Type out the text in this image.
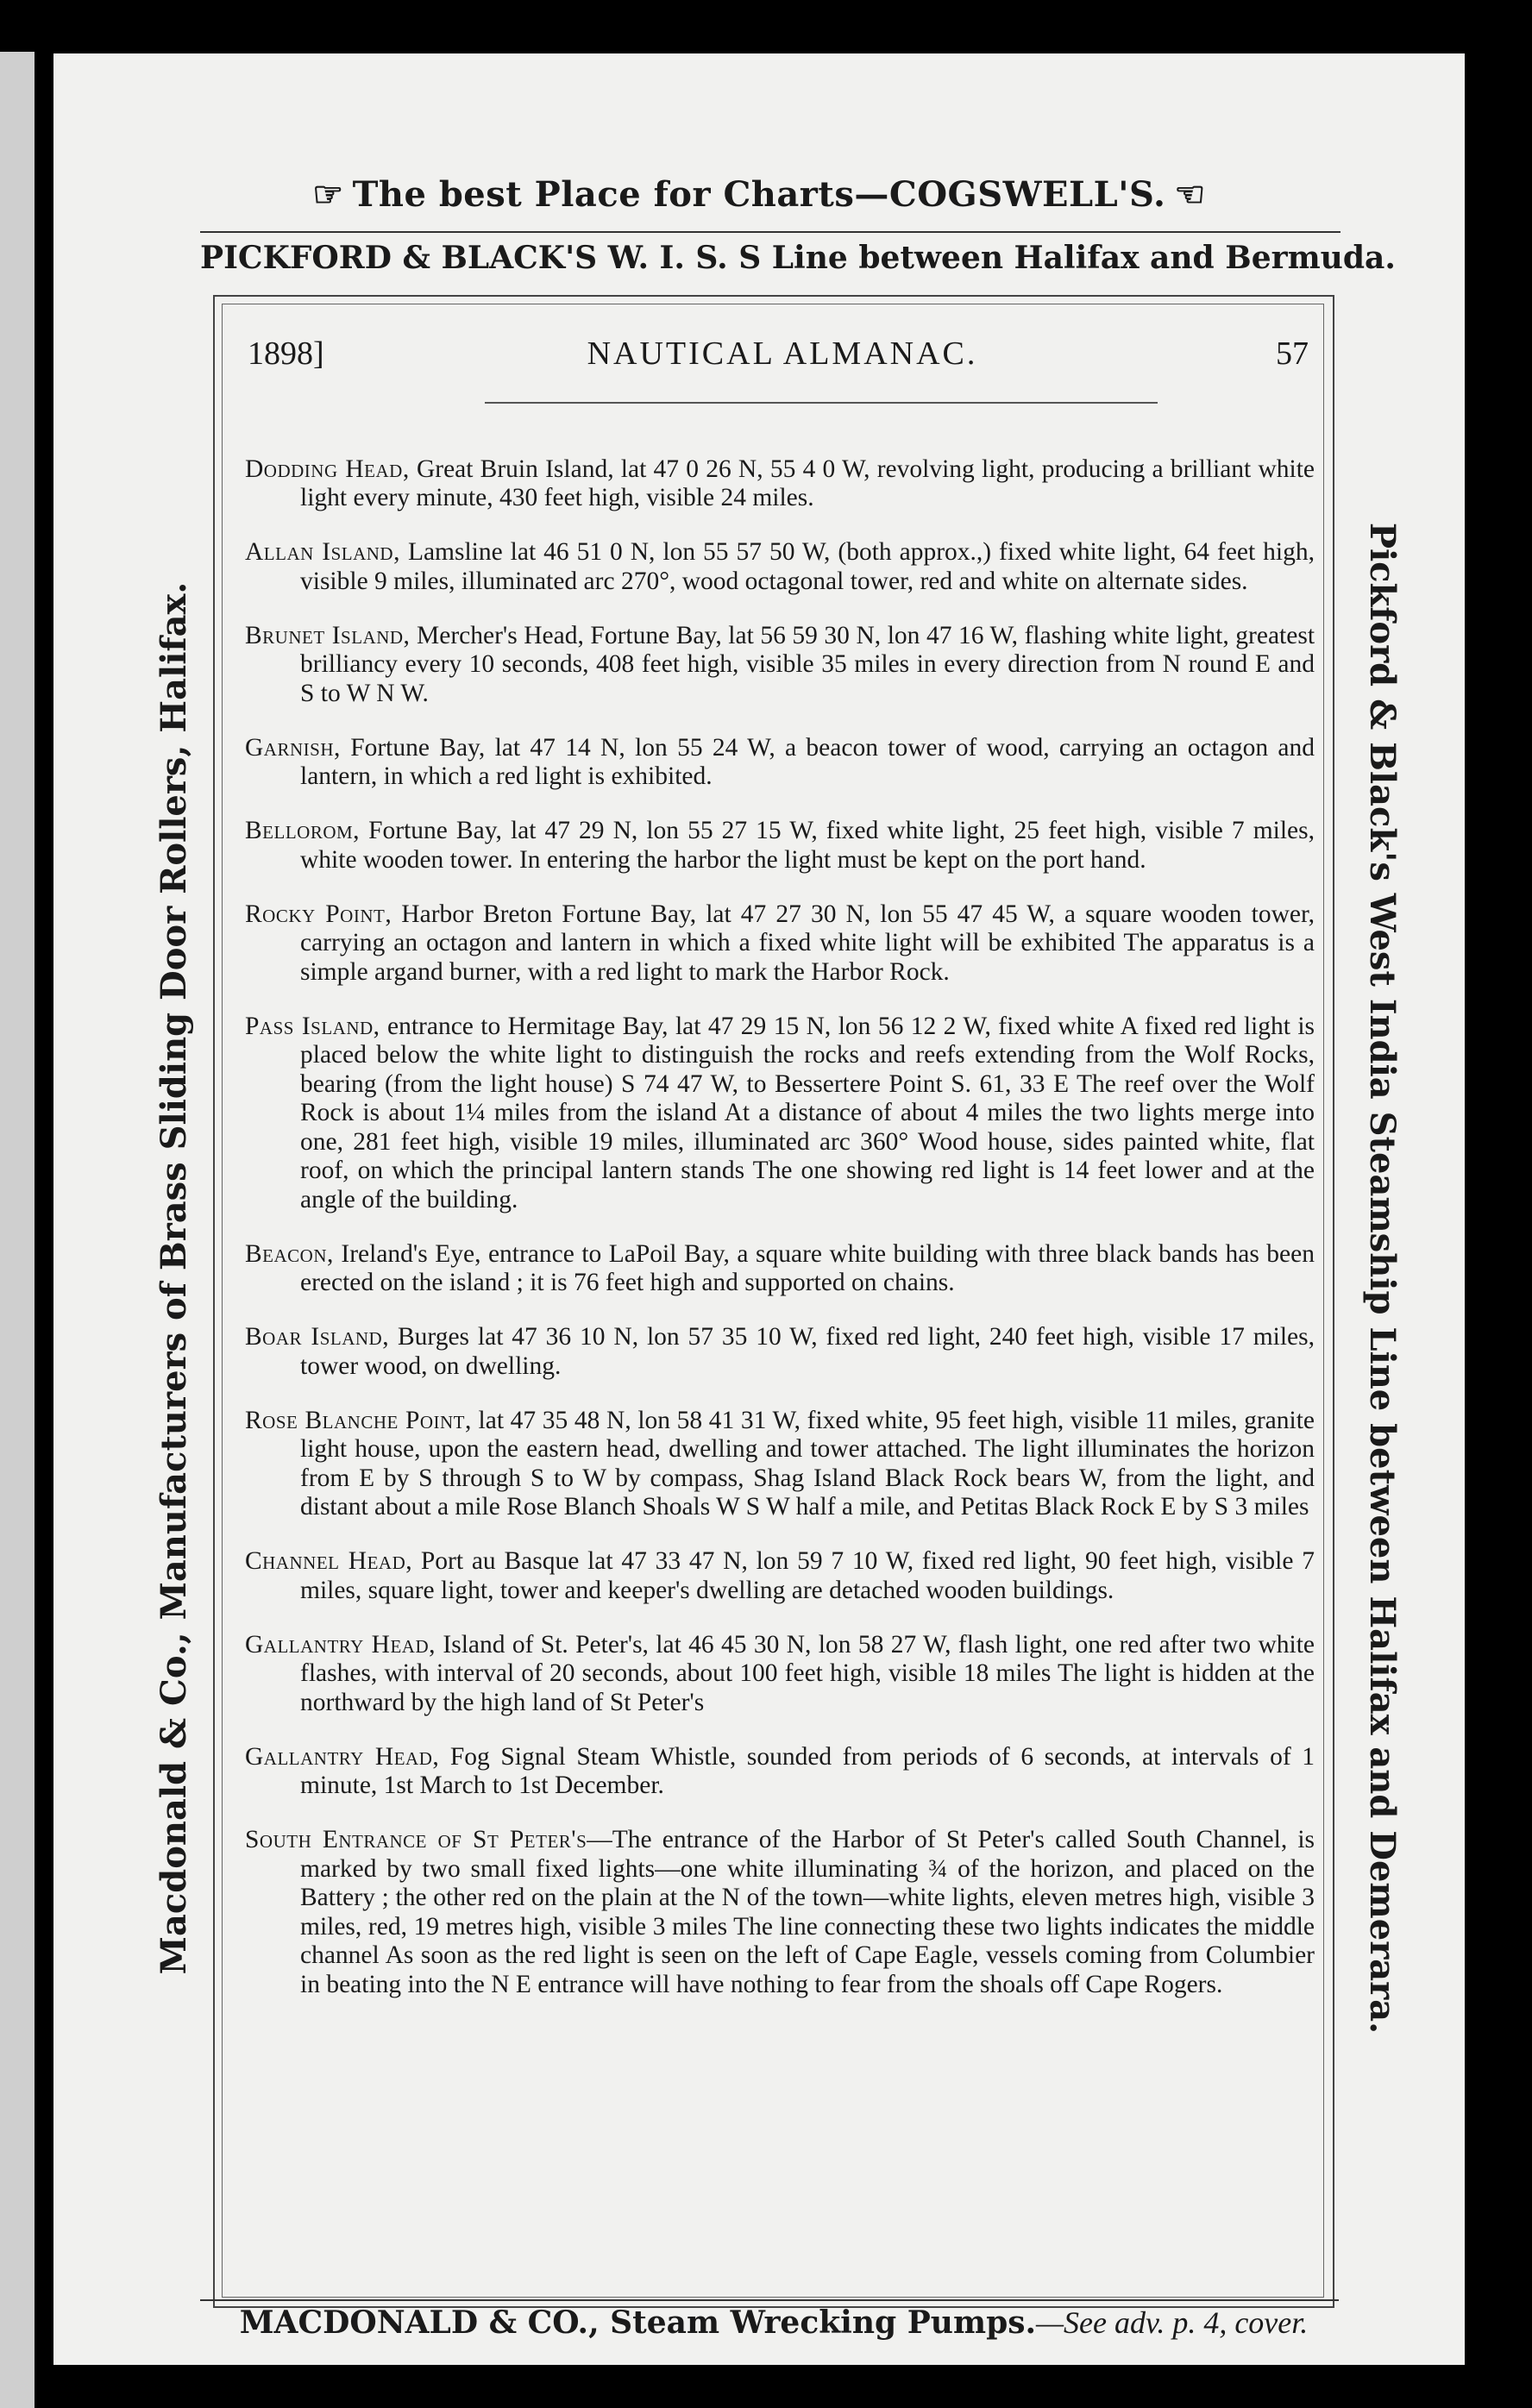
☞ The best Place for Charts—COGSWELL'S. ☜
PICKFORD & BLACK'S W. I. S. S Line between Halifax and Bermuda.
Macdonald & Co., Manufacturers of Brass Sliding Door Rollers, Halifax.	Pickford & Black's West India Steamship Line between Halifax and Demerara.
1898]	NAUTICAL ALMANAC.	57

Dodding Head, Great Bruin Island, lat 47 0 26 N, 55 4 0 W, revolving light, producing a brilliant white light every minute, 430 feet high, visible 24 miles.

Allan Island, Lamsline lat 46 51 0 N, lon 55 57 50 W, (both approx.,) fixed white light, 64 feet high, visible 9 miles, illuminated arc 270°, wood octagonal tower, red and white on alternate sides.

Brunet Island, Mercher's Head, Fortune Bay, lat 56 59 30 N, lon 47 16 W, flashing white light, greatest brilliancy every 10 seconds, 408 feet high, visible 35 miles in every direction from N round E and S to W N W.

Garnish, Fortune Bay, lat 47 14 N, lon 55 24 W, a beacon tower of wood, carrying an octagon and lantern, in which a red light is exhibited.

Bellorom, Fortune Bay, lat 47 29 N, lon 55 27 15 W, fixed white light, 25 feet high, visible 7 miles, white wooden tower. In entering the harbor the light must be kept on the port hand.

Rocky Point, Harbor Breton Fortune Bay, lat 47 27 30 N, lon 55 47 45 W, a square wooden tower, carrying an octagon and lantern in which a fixed white light will be exhibited The apparatus is a simple argand burner, with a red light to mark the Harbor Rock.

Pass Island, entrance to Hermitage Bay, lat 47 29 15 N, lon 56 12 2 W, fixed white A fixed red light is placed below the white light to distinguish the rocks and reefs extending from the Wolf Rocks, bearing (from the light house) S 74 47 W, to Bessertere Point S. 61, 33 E The reef over the Wolf Rock is about 1¼ miles from the island At a distance of about 4 miles the two lights merge into one, 281 feet high, visible 19 miles, illuminated arc 360° Wood house, sides painted white, flat roof, on which the principal lantern stands The one showing red light is 14 feet lower and at the angle of the building.

Beacon, Ireland's Eye, entrance to LaPoil Bay, a square white building with three black bands has been erected on the island ; it is 76 feet high and supported on chains.

Boar Island, Burges lat 47 36 10 N, lon 57 35 10 W, fixed red light, 240 feet high, visible 17 miles, tower wood, on dwelling.

Rose Blanche Point, lat 47 35 48 N, lon 58 41 31 W, fixed white, 95 feet high, visible 11 miles, granite light house, upon the eastern head, dwelling and tower attached. The light illuminates the horizon from E by S through S to W by compass, Shag Island Black Rock bears W, from the light, and distant about a mile Rose Blanch Shoals W S W half a mile, and Petitas Black Rock E by S 3 miles

Channel Head, Port au Basque lat 47 33 47 N, lon 59 7 10 W, fixed red light, 90 feet high, visible 7 miles, square light, tower and keeper's dwelling are detached wooden buildings.

Gallantry Head, Island of St. Peter's, lat 46 45 30 N, lon 58 27 W, flash light, one red after two white flashes, with interval of 20 seconds, about 100 feet high, visible 18 miles The light is hidden at the northward by the high land of St Peter's

Gallantry Head, Fog Signal Steam Whistle, sounded from periods of 6 seconds, at intervals of 1 minute, 1st March to 1st December.

South Entrance of St Peter's—The entrance of the Harbor of St Peter's called South Channel, is marked by two small fixed lights—one white illuminating ¾ of the horizon, and placed on the Battery ; the other red on the plain at the N of the town—white lights, eleven metres high, visible 3 miles, red, 19 metres high, visible 3 miles The line connecting these two lights indicates the middle channel As soon as the red light is seen on the left of Cape Eagle, vessels coming from Columbier in beating into the N E entrance will have nothing to fear from the shoals off Cape Rogers.

MACDONALD & CO., Steam Wrecking Pumps.—See adv. p. 4, cover.
